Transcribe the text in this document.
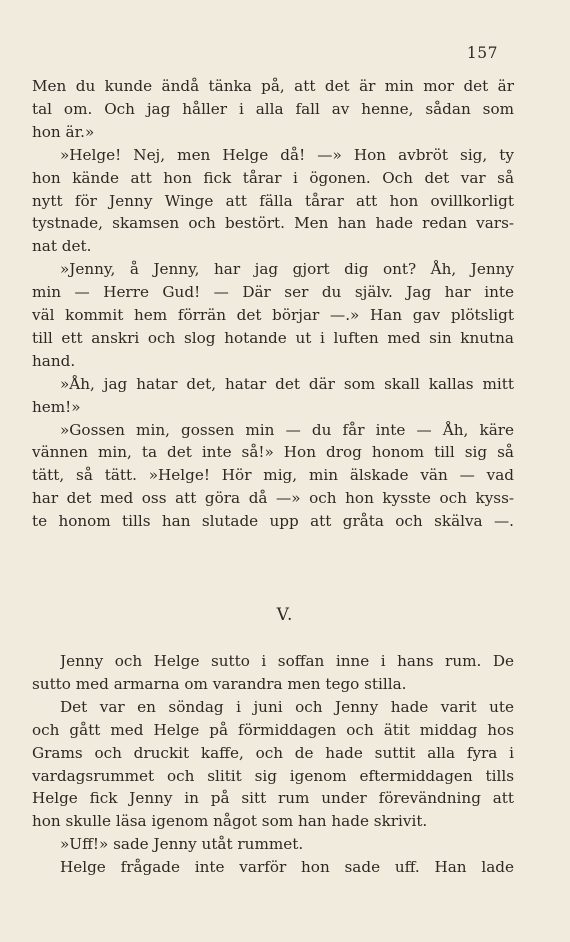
157
Men du kunde ändå tänka på, att det är min mor det är
tal om. Och jag håller i alla fall av henne, sådan som
hon är.»
»Helge! Nej, men Helge då! —» Hon avbröt sig, ty
hon kände att hon fick tårar i ögonen. Och det var så
nytt för Jenny Winge att fälla tårar att hon ovillkorligt
tystnade, skamsen och bestört. Men han hade redan vars-
nat det.
»Jenny, å Jenny, har jag gjort dig ont? Åh, Jenny
min — Herre Gud! — Där ser du själv. Jag har inte
väl kommit hem förrän det börjar —.» Han gav plötsligt
till ett anskri och slog hotande ut i luften med sin knutna
hand.
»Åh, jag hatar det, hatar det där som skall kallas mitt
hem!»
»Gossen min, gossen min — du får inte — Åh, käre
vännen min, ta det inte så!» Hon drog honom till sig så
tätt, så tätt. »Helge! Hör mig, min älskade vän — vad
har det med oss att göra då —» och hon kysste och kyss-
te honom tills han slutade upp att gråta och skälva —.
V.
Jenny och Helge sutto i soffan inne i hans rum. De
sutto med armarna om varandra men tego stilla.
Det var en söndag i juni och Jenny hade varit ute
och gått med Helge på förmiddagen och ätit middag hos
Grams och druckit kaffe, och de hade suttit alla fyra i
vardagsrummet och slitit sig igenom eftermiddagen tills
Helge fick Jenny in på sitt rum under förevändning att
hon skulle läsa igenom något som han hade skrivit.
»Uff!» sade Jenny utåt rummet.
Helge frågade inte varför hon sade uff. Han lade
